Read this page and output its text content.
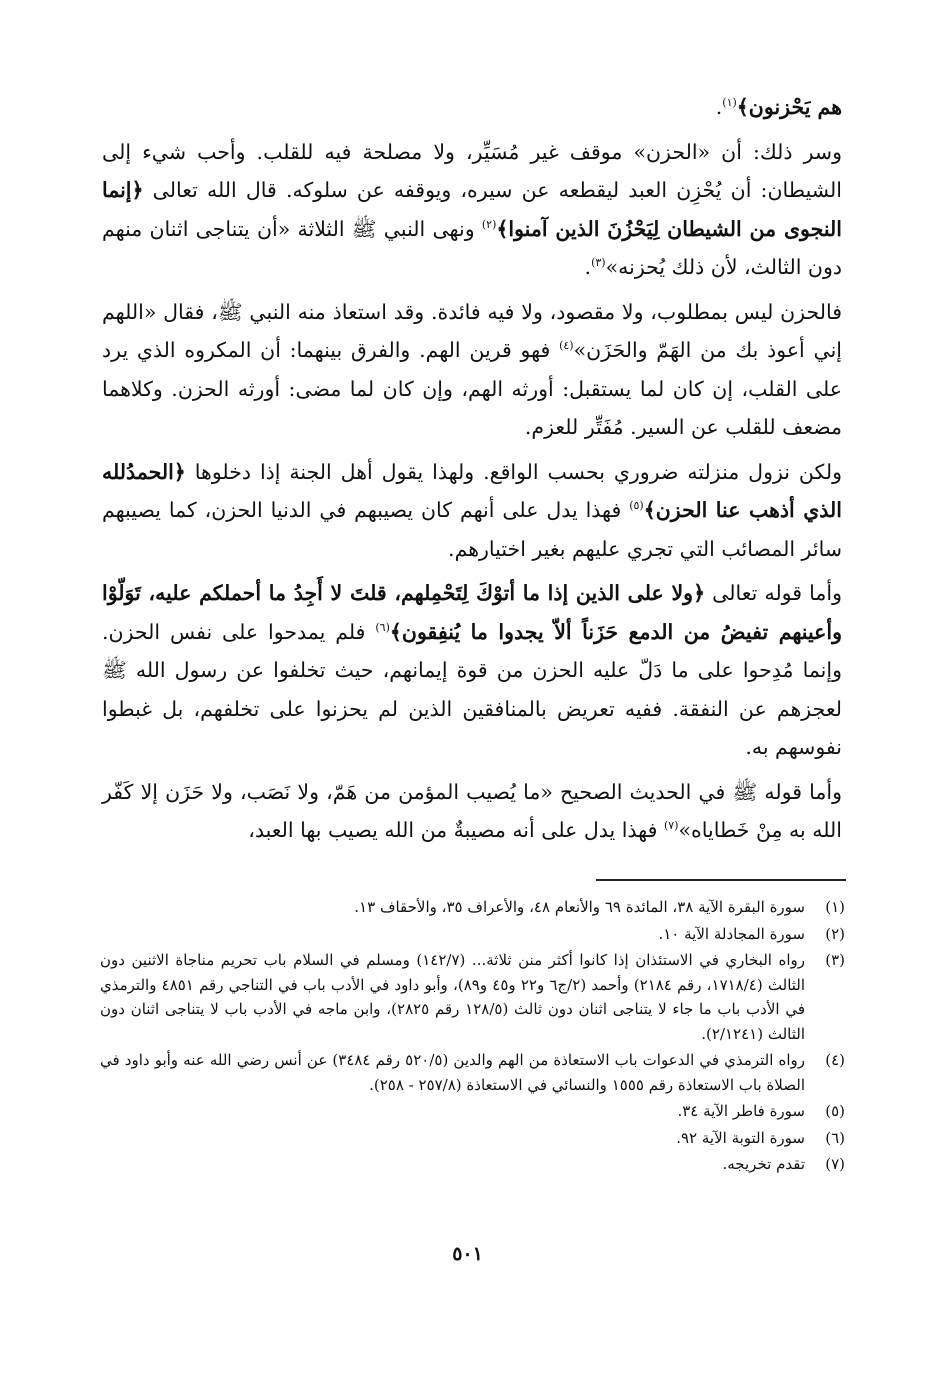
هم يَحْزنون﴾$^{(١)}$.

وسر ذلك: أن «الحزن» موقف غير مُسَيِّر، ولا مصلحة فيه للقلب. وأحب شيء إلى الشيطان: أن يُحْزِن العبد ليقطعه عن سيره، ويوقفه عن سلوكه. قال الله تعالى ﴿إنما النجوى من الشيطان لِيَحْزُنَ الذين آمنوا﴾$^{(٢)}$ ونهى النبي ﷺ الثلاثة «أن يتناجى اثنان منهم دون الثالث، لأن ذلك يُحزنه»$^{(٣)}$.

فالحزن ليس بمطلوب، ولا مقصود، ولا فيه فائدة. وقد استعاذ منه النبي ﷺ، فقال «اللهم إني أعوذ بك من الهَمّ والحَزَن»$^{(٤)}$ فهو قرين الهم. والفرق بينهما: أن المكروه الذي يرد على القلب، إن كان لما يستقبل: أورثه الهم، وإن كان لما مضى: أورثه الحزن. وكلاهما مضعف للقلب عن السير. مُفَتِّر للعزم.

ولكن نزول منزلته ضروري بحسب الواقع. ولهذا يقول أهل الجنة إذا دخلوها ﴿الحمدُلله الذي أذهب عنا الحزن﴾$^{(٥)}$ فهذا يدل على أنهم كان يصيبهم في الدنيا الحزن، كما يصيبهم سائر المصائب التي تجري عليهم بغير اختيارهم.

وأما قوله تعالى ﴿ولا على الذين إذا ما أتوْكَ لِتَحْمِلهم، قلتَ لا أَجِدُ ما أحملكم عليه، تَوَلّوْا وأعينهم تفيضُ من الدمع حَزَناً ألاّ يجدوا ما يُنفِقون﴾$^{(٦)}$ فلم يمدحوا على نفس الحزن. وإنما مُدِحوا على ما دَلّ عليه الحزن من قوة إيمانهم، حيث تخلفوا عن رسول الله ﷺ لعجزهم عن النفقة. ففيه تعريض بالمنافقين الذين لم يحزنوا على تخلفهم، بل غبطوا نفوسهم به.

وأما قوله ﷺ في الحديث الصحيح «ما يُصيب المؤمن من هَمّ، ولا نَصَب، ولا حَزَن إلا كَفّر الله به مِنْ خَطاياه»$^{(٧)}$ فهذا يدل على أنه مصيبةٌ من الله يصيب بها العبد،

(١)
سورة البقرة الآية ٣٨، المائدة ٦٩ والأنعام ٤٨، والأعراف ٣٥، والأحقاف ١٣.
(٢)
سورة المجادلة الآية ١٠.
(٣)
رواه البخاري في الاستئذان إذا كانوا أكثر منن ثلاثة... (١٤٢/٧) ومسلم في السلام باب تحريم مناجاة الاثنين دون الثالث (١٧١٨/٤، رقم ٢١٨٤) وأحمد (٢/ج٦ و٢٢ و٤٥ و٨٩)، وأبو داود في الأدب باب في التناجي رقم ٤٨٥١ والترمذي في الأدب باب ما جاء لا يتناجى اثنان دون ثالث (١٢٨/٥ رقم ٢٨٢٥)، وابن ماجه في الأدب باب لا يتناجى اثنان دون الثالث (٢/١٢٤١).
(٤)
رواه الترمذي في الدعوات باب الاستعاذة من الهم والدين (٥٢٠/٥ رقم ٣٤٨٤) عن أنس رضي الله عنه وأبو داود في الصلاة باب الاستعاذة رقم ١٥٥٥ والنسائي في الاستعاذة (٢٥٧/٨ - ٢٥٨).
(٥)
سورة فاطر الآية ٣٤.
(٦)
سورة التوبة الآية ٩٢.
(٧)
تقدم تخريجه.
٥٠١
